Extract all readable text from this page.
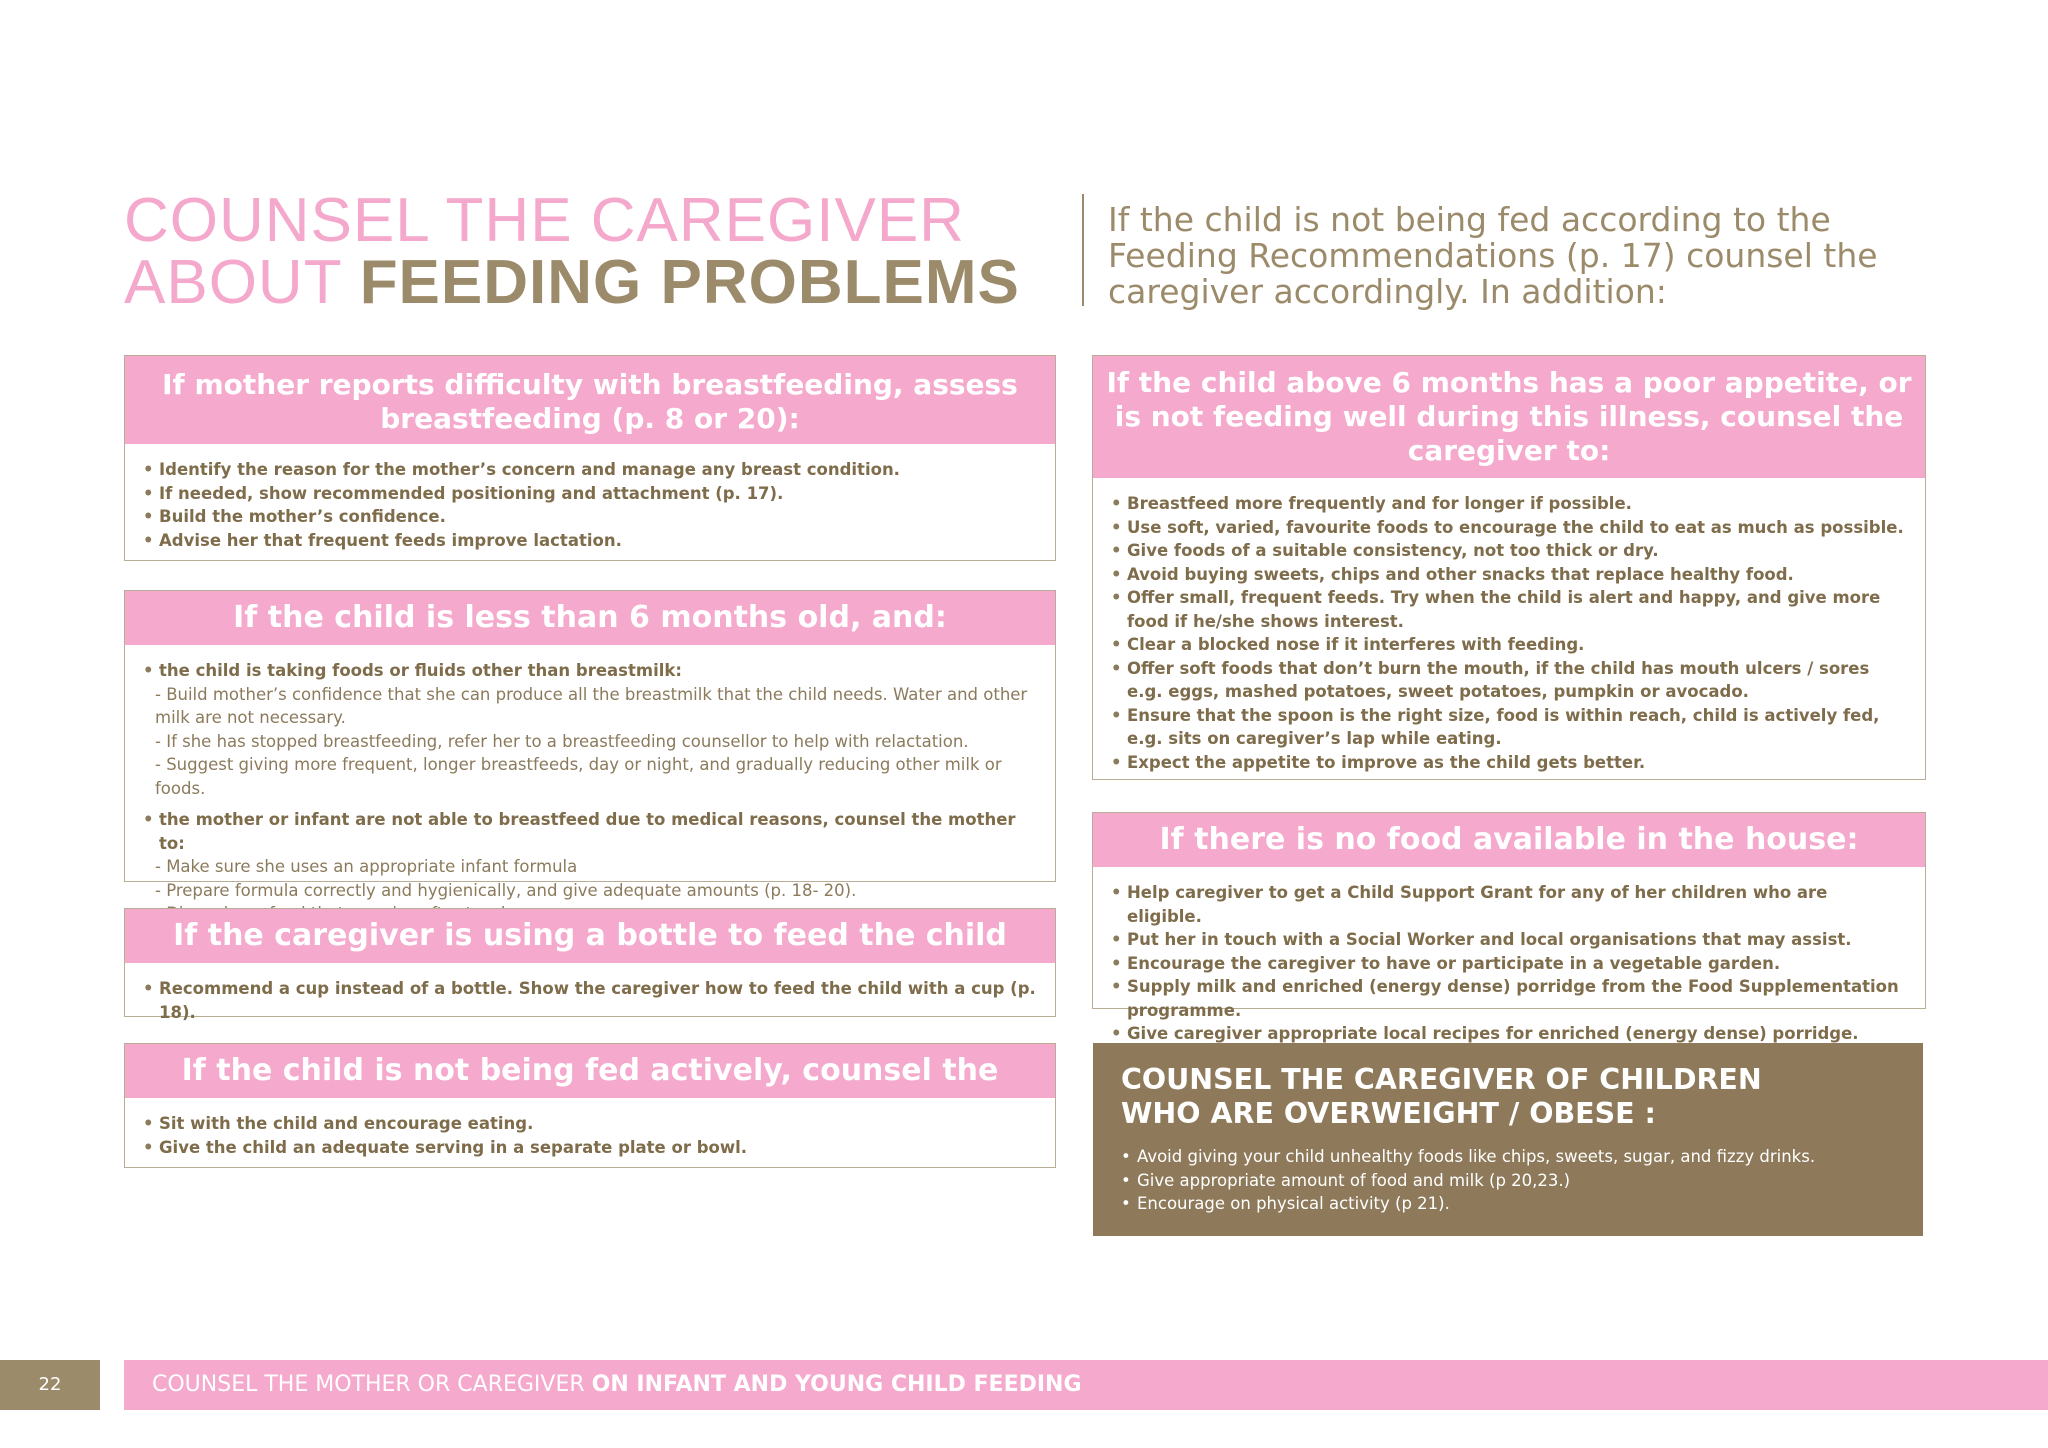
COUNSEL THE CAREGIVER
ABOUT FEEDING PROBLEMS
If the child is not being fed according to the Feeding Recommendations (p. 17) counsel the caregiver accordingly. In addition:
If mother reports difficulty with breastfeeding, assess breastfeeding (p. 8 or 20):
• Identify the reason for the mother’s concern and manage any breast condition.
• If needed, show recommended positioning and attachment (p. 17).
• Build the mother’s confidence.
• Advise her that frequent feeds improve lactation.
If the child is less than 6 months old, and:
• the child is taking foods or fluids other than breastmilk:
- Build mother’s confidence that she can produce all the breastmilk that the child needs. Water and other milk are not necessary.
- If she has stopped breastfeeding, refer her to a breastfeeding counsellor to help with relactation.
- Suggest giving more frequent, longer breastfeeds, day or night, and gradually reducing other milk or foods.
• the mother or infant are not able to breastfeed due to medical reasons, counsel the mother to:
- Make sure she uses an appropriate infant formula
- Prepare formula correctly and hygienically, and give adequate amounts (p. 18- 20).
If the caregiver is using a bottle to feed the child
• Recommend a cup instead of a bottle. Show the caregiver how to feed the child with a cup (p. 18).
If the child is not being fed actively, counsel the caregiver to:
• Sit with the child and encourage eating.
• Give the child an adequate serving in a separate plate or bowl.
If the child above 6 months has a poor appetite, or is not feeding well during this illness, counsel the caregiver to:
• Breastfeed more frequently and for longer if possible.
• Use soft, varied, favourite foods to encourage the child to eat as much as possible.
• Give foods of a suitable consistency, not too thick or dry.
• Avoid buying sweets, chips and other snacks that replace healthy food.
• Offer small, frequent feeds. Try when the child is alert and happy, and give more food if he/she shows interest.
• Clear a blocked nose if it interferes with feeding.
• Offer soft foods that don’t burn the mouth, if the child has mouth ulcers / sores e.g. eggs, mashed potatoes, sweet potatoes, pumpkin or avocado.
• Ensure that the spoon is the right size, food is within reach, child is actively fed, e.g. sits on caregiver’s lap while eating.
• Expect the appetite to improve as the child gets better.
If there is no food available in the house:
• Help caregiver to get a Child Support Grant for any of her children who are eligible.
• Put her in touch with a Social Worker and local organisations that may assist.
• Encourage the caregiver to have or participate in a vegetable garden.
• Supply milk and enriched (energy dense) porridge from the Food Supplementation programme.
• Give caregiver appropriate local recipes for enriched (energy dense) porridge.
COUNSEL THE CAREGIVER OF CHILDREN
WHO ARE OVERWEIGHT / OBESE :
• Avoid giving your child unhealthy foods like chips, sweets, sugar, and fizzy drinks.
• Give appropriate amount of food and milk (p 20,23.)
• Encourage on physical activity (p 21).
22	COUNSEL THE MOTHER OR CAREGIVER ON INFANT AND YOUNG CHILD FEEDING
